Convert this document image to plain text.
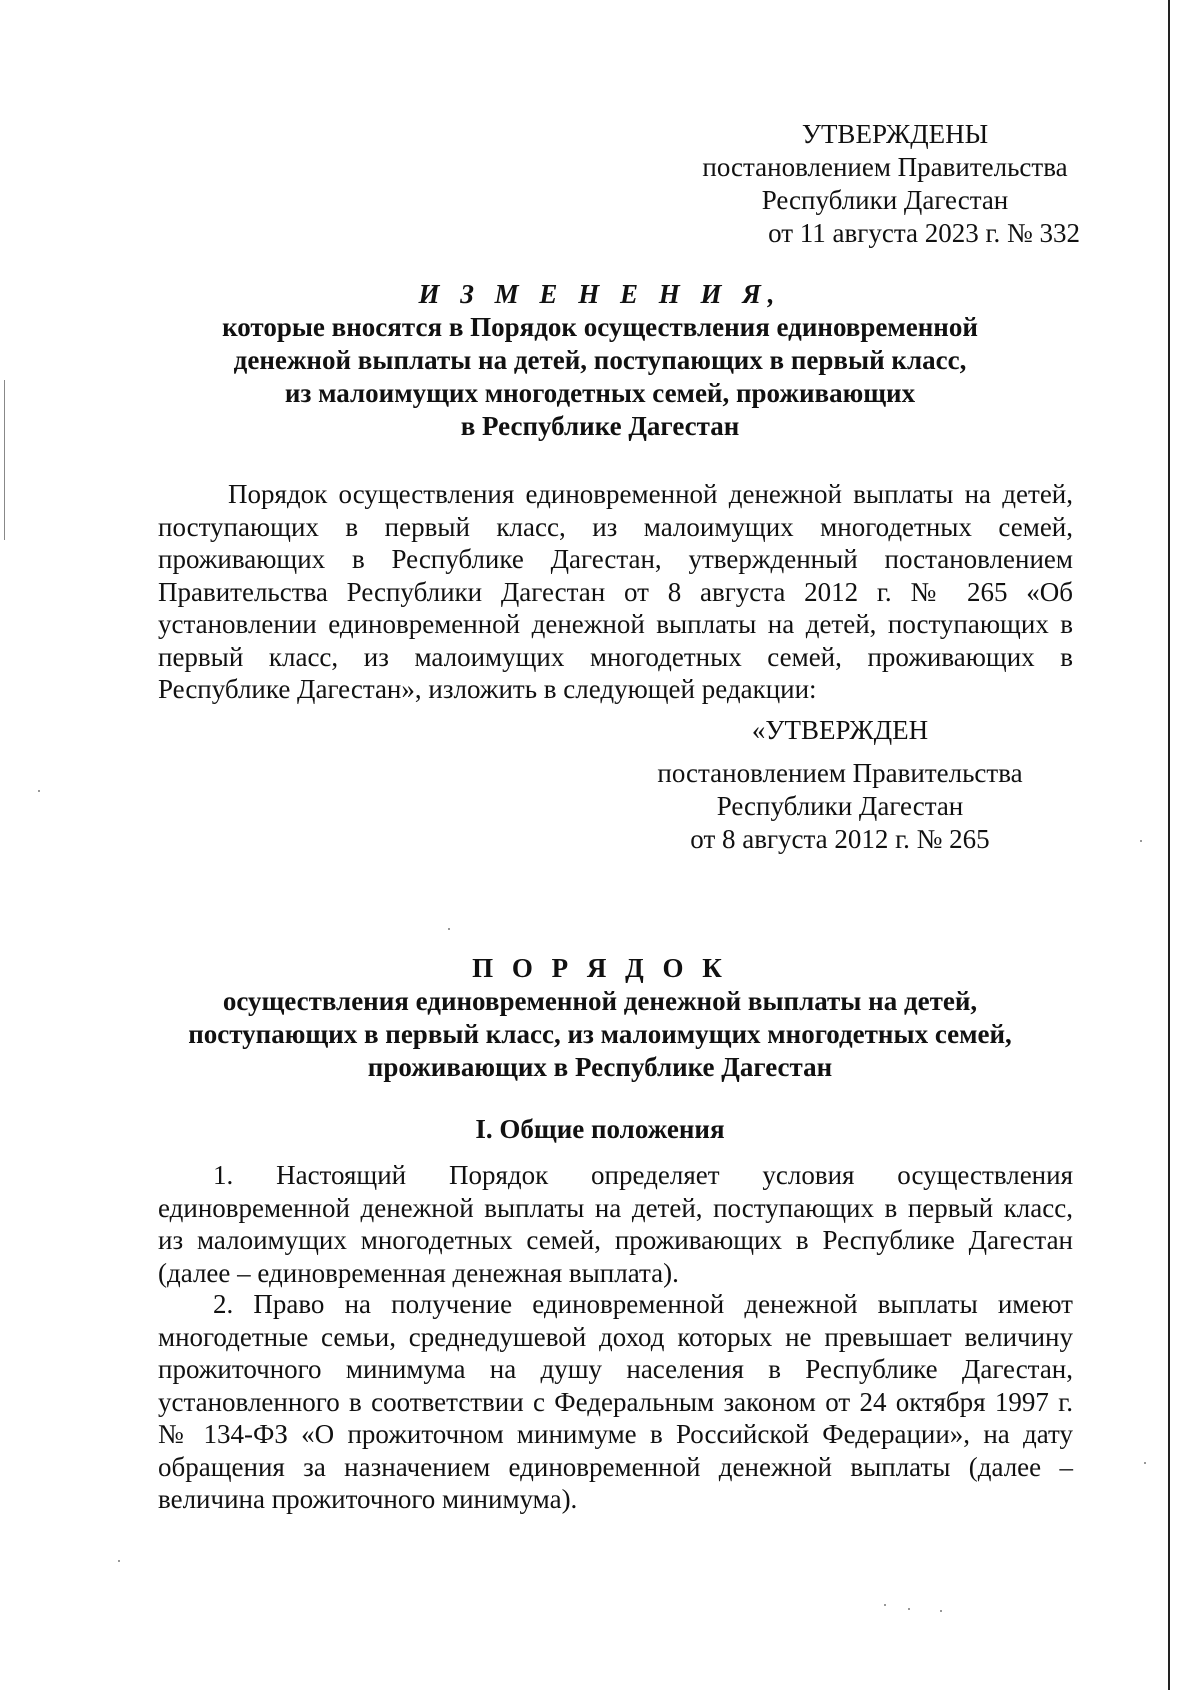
УТВЕРЖДЕНЫ
постановлением Правительства
Республики Дагестан
от 11 августа 2023 г. № 332
И З М Е Н Е Н И Я,
которые вносятся в Порядок осуществления единовременной
денежной выплаты на детей, поступающих в первый класс,
из малоимущих многодетных семей, проживающих
в Республике Дагестан
Порядок осуществления единовременной денежной выплаты на детей, поступающих в первый класс, из малоимущих многодетных семей, проживающих в Республике Дагестан, утвержденный постановлением Правительства Республики Дагестан от 8 августа 2012 г. № 265 «Об установлении единовременной денежной выплаты на детей, поступающих в первый класс, из малоимущих многодетных семей, проживающих в Республике Дагестан», изложить в следующей редакции:
«УТВЕРЖДЕН
постановлением Правительства
Республики Дагестан
от 8 августа 2012 г. № 265
П О Р Я Д О К
осуществления единовременной денежной выплаты на детей,
поступающих в первый класс, из малоимущих многодетных семей,
проживающих в Республике Дагестан
I. Общие положения
1. Настоящий Порядок определяет условия осуществления единовременной денежной выплаты на детей, поступающих в первый класс, из малоимущих многодетных семей, проживающих в Республике Дагестан (далее – единовременная денежная выплата).
2. Право на получение единовременной денежной выплаты имеют многодетные семьи, среднедушевой доход которых не превышает величину прожиточного минимума на душу населения в Республике Дагестан, установленного в соответствии с Федеральным законом от 24 октября 1997 г. № 134-ФЗ «О прожиточном минимуме в Российской Федерации», на дату обращения за назначением единовременной денежной выплаты (далее – величина прожиточного минимума).
